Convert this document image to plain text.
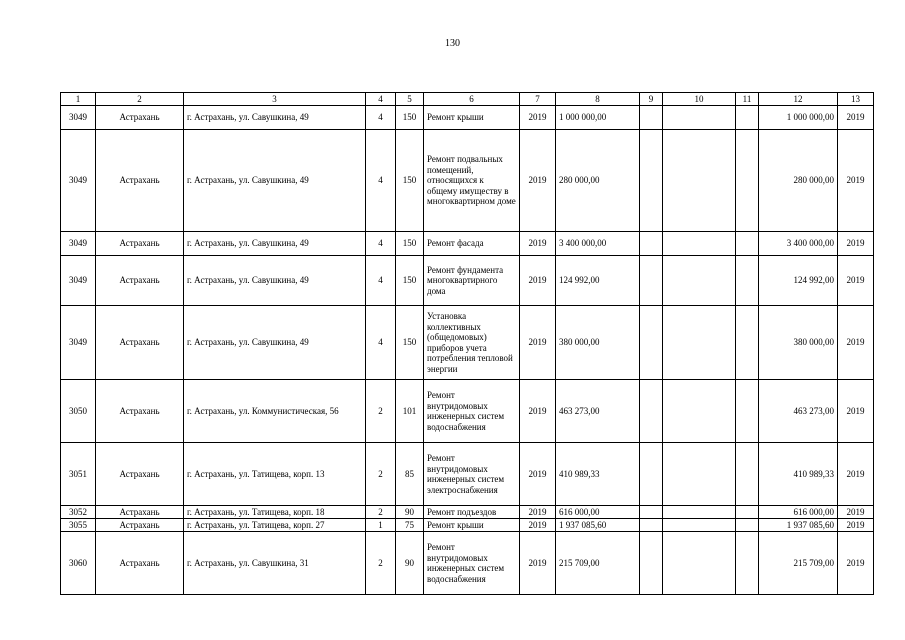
130
1	2	3	4	5	6	7	8	9	10	11	12	13
3049	Астрахань	г. Астрахань, ул. Савушкина, 49	4	150	Ремонт крыши	2019	1 000 000,00				1 000 000,00	2019
3049	Астрахань	г. Астрахань, ул. Савушкина, 49	4	150	Ремонт подвальных помещений, относящихся к общему имуществу в многоквартирном доме	2019	280 000,00				280 000,00	2019
3049	Астрахань	г. Астрахань, ул. Савушкина, 49	4	150	Ремонт фасада	2019	3 400 000,00				3 400 000,00	2019
3049	Астрахань	г. Астрахань, ул. Савушкина, 49	4	150	Ремонт фундамента многоквартирного дома	2019	124 992,00				124 992,00	2019
3049	Астрахань	г. Астрахань, ул. Савушкина, 49	4	150	Установка коллективных (общедомовых) приборов учета потребления тепловой энергии	2019	380 000,00				380 000,00	2019
3050	Астрахань	г. Астрахань, ул. Коммунистическая, 56	2	101	Ремонт внутридомовых инженерных систем водоснабжения	2019	463 273,00				463 273,00	2019
3051	Астрахань	г. Астрахань, ул. Татищева, корп. 13	2	85	Ремонт внутридомовых инженерных систем электроснабжения	2019	410 989,33				410 989,33	2019
3052	Астрахань	г. Астрахань, ул. Татищева, корп. 18	2	90	Ремонт подъездов	2019	616 000,00				616 000,00	2019
3055	Астрахань	г. Астрахань, ул. Татищева, корп. 27	1	75	Ремонт крыши	2019	1 937 085,60				1 937 085,60	2019
3060	Астрахань	г. Астрахань, ул. Савушкина, 31	2	90	Ремонт внутридомовых инженерных систем водоснабжения	2019	215 709,00				215 709,00	2019
